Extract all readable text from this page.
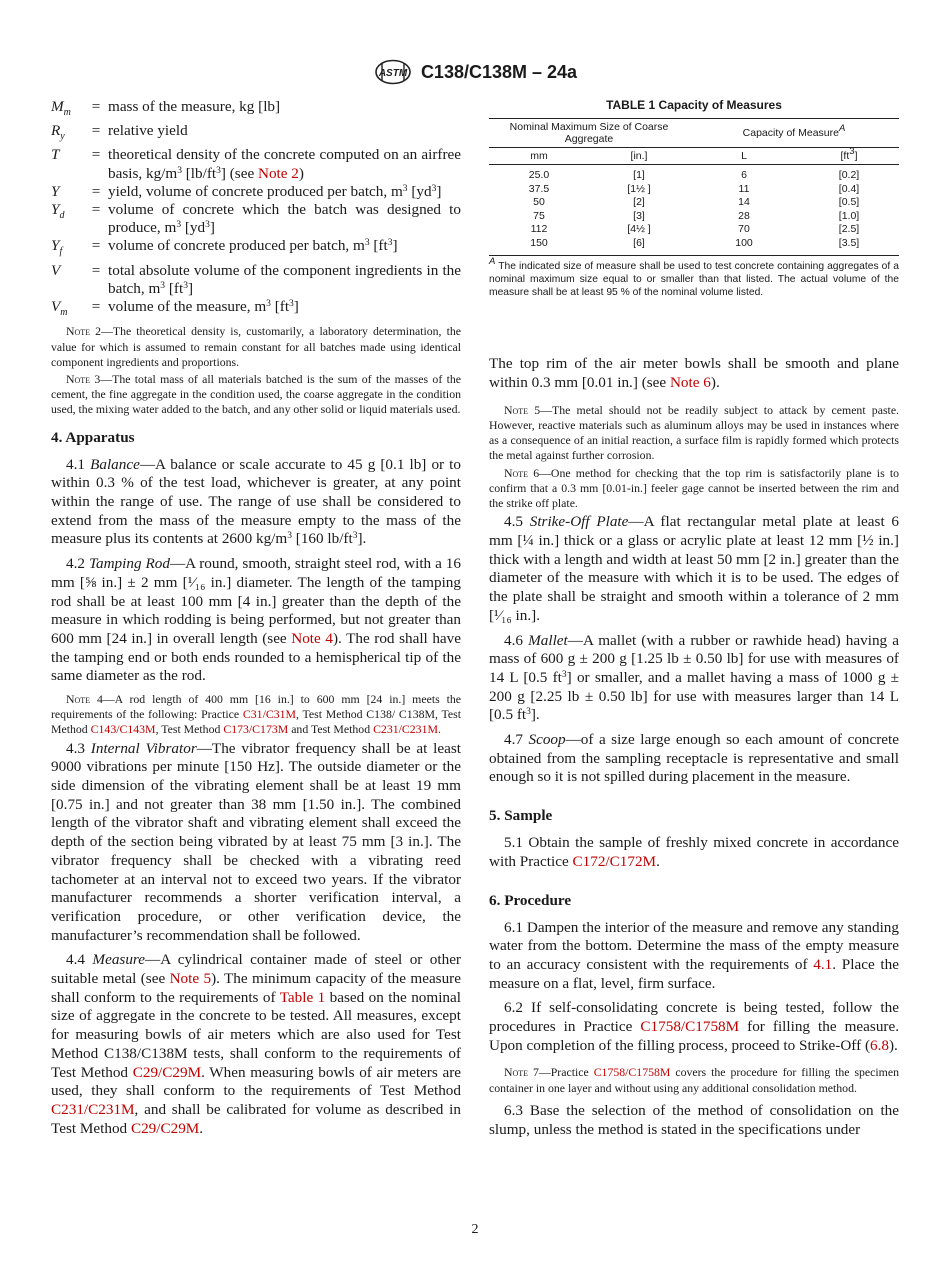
ASTM C138/C138M – 24a
$M_m$	= mass of the measure, kg [lb]
$R_y$	= relative yield
T	= theoretical density of the concrete computed on an airfree basis, $kg/m^3$ $[lb/ft^3]$ (see Note 2)
Y	= yield, volume of concrete produced per batch, $m^3$ $[yd^3]$
$Y_d$	= volume of concrete which the batch was designed to produce, $m^3$ $[yd^3]$
$Y_f$	= volume of concrete produced per batch, $m^3$ $[ft^3]$
V	= total absolute volume of the component ingredients in the batch, $m^3$ $[ft^3]$
$V_m$	= volume of the measure, $m^3$ $[ft^3]$

Note 2—The theoretical density is, customarily, a laboratory determination, the value for which is assumed to remain constant for all batches made using identical component ingredients and proportions.

Note 3—The total mass of all materials batched is the sum of the masses of the cement, the fine aggregate in the condition used, the coarse aggregate in the condition used, the mixing water added to the batch, and any other solid or liquid materials used.

4. Apparatus

4.1 Balance—A balance or scale accurate to 45 g [0.1 lb] or to within 0.3 % of the test load, whichever is greater, at any point within the range of use. The range of use shall be considered to extend from the mass of the measure empty to the mass of the measure plus its contents at 2600 $kg/m^3$ [160 $lb/ft^3$].

4.2 Tamping Rod—A round, smooth, straight steel rod, with a 16 mm [⅝ in.] ± 2 mm [¹⁄₁₆ in.] diameter. The length of the tamping rod shall be at least 100 mm [4 in.] greater than the depth of the measure in which rodding is being performed, but not greater than 600 mm [24 in.] in overall length (see Note 4). The rod shall have the tamping end or both ends rounded to a hemispherical tip of the same diameter as the rod.

Note 4—A rod length of 400 mm [16 in.] to 600 mm [24 in.] meets the requirements of the following: Practice C31/C31M, Test Method C138/ C138M, Test Method C143/C143M, Test Method C173/C173M and Test Method C231/C231M.

4.3 Internal Vibrator—The vibrator frequency shall be at least 9000 vibrations per minute [150 Hz]. The outside diameter or the side dimension of the vibrating element shall be at least 19 mm [0.75 in.] and not greater than 38 mm [1.50 in.]. The combined length of the vibrator shaft and vibrating element shall exceed the depth of the section being vibrated by at least 75 mm [3 in.]. The vibrator frequency shall be checked with a vibrating reed tachometer at an interval not to exceed two years. If the vibrator manufacturer recommends a shorter verification interval, a verification procedure, or other verification device, the manufacturer’s recommendation shall be followed.

4.4 Measure—A cylindrical container made of steel or other suitable metal (see Note 5). The minimum capacity of the measure shall conform to the requirements of Table 1 based on the nominal size of aggregate in the concrete to be tested. All measures, except for measuring bowls of air meters which are also used for Test Method C138/C138M tests, shall conform to the requirements of Test Method C29/C29M. When measuring bowls of air meters are used, they shall conform to the requirements of Test Method C231/C231M, and shall be calibrated for volume as described in Test Method C29/C29M.

TABLE 1 Capacity of Measures
Nominal Maximum Size of Coarse Aggregate		Capacity of Measure$^A$
mm	[in.]	L	$[ft^3]$
25.0	[1]	6	[0.2]
37.5	[1½ ]	11	[0.4]
50	[2]	14	[0.5]
75	[3]	28	[1.0]
112	[4½ ]	70	[2.5]
150	[6]	100	[3.5]

$^A$ The indicated size of measure shall be used to test concrete containing aggregates of a nominal maximum size equal to or smaller than that listed. The actual volume of the measure shall be at least 95 % of the nominal volume listed.

The top rim of the air meter bowls shall be smooth and plane within 0.3 mm [0.01 in.] (see Note 6).

Note 5—The metal should not be readily subject to attack by cement paste. However, reactive materials such as aluminum alloys may be used in instances where as a consequence of an initial reaction, a surface film is rapidly formed which protects the metal against further corrosion.

Note 6—One method for checking that the top rim is satisfactorily plane is to confirm that a 0.3 mm [0.01-in.] feeler gage cannot be inserted between the rim and the strike off plate.

4.5 Strike-Off Plate—A flat rectangular metal plate at least 6 mm [¼ in.] thick or a glass or acrylic plate at least 12 mm [½ in.] thick with a length and width at least 50 mm [2 in.] greater than the diameter of the measure with which it is to be used. The edges of the plate shall be straight and smooth within a tolerance of 2 mm [¹⁄₁₆ in.].

4.6 Mallet—A mallet (with a rubber or rawhide head) having a mass of 600 g ± 200 g [1.25 lb ± 0.50 lb] for use with measures of 14 L [0.5 $ft^3$] or smaller, and a mallet having a mass of 1000 g ± 200 g [2.25 lb ± 0.50 lb] for use with measures larger than 14 L [0.5 $ft^3$].

4.7 Scoop—of a size large enough so each amount of concrete obtained from the sampling receptacle is representative and small enough so it is not spilled during placement in the measure.

5. Sample

5.1 Obtain the sample of freshly mixed concrete in accordance with Practice C172/C172M.

6. Procedure

6.1 Dampen the interior of the measure and remove any standing water from the bottom. Determine the mass of the empty measure to an accuracy consistent with the requirements of 4.1. Place the measure on a flat, level, firm surface.

6.2 If self-consolidating concrete is being tested, follow the procedures in Practice C1758/C1758M for filling the measure. Upon completion of the filling process, proceed to Strike-Off (6.8).

Note 7—Practice C1758/C1758M covers the procedure for filling the specimen container in one layer and without using any additional consolidation method.

6.3 Base the selection of the method of consolidation on the slump, unless the method is stated in the specifications under

2
